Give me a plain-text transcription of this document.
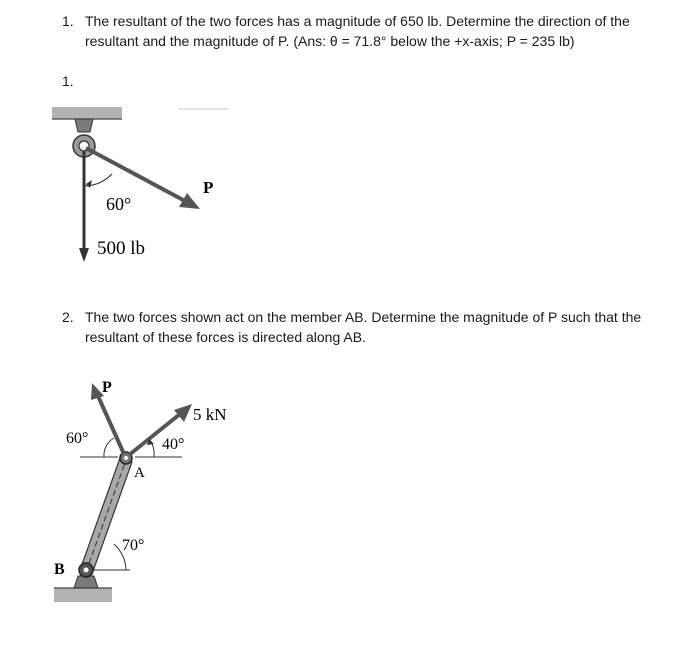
1. The resultant of the two forces has a magnitude of 650 lb. Determine the direction of the resultant and the magnitude of P. (Ans: θ = 71.8° below the +x-axis; P = 235 lb)
1.
P
60°
500 lb
2. The two forces shown act on the member AB. Determine the magnitude of P such that the resultant of these forces is directed along AB.
P
5 kN
60°	40°
70°
A
B
